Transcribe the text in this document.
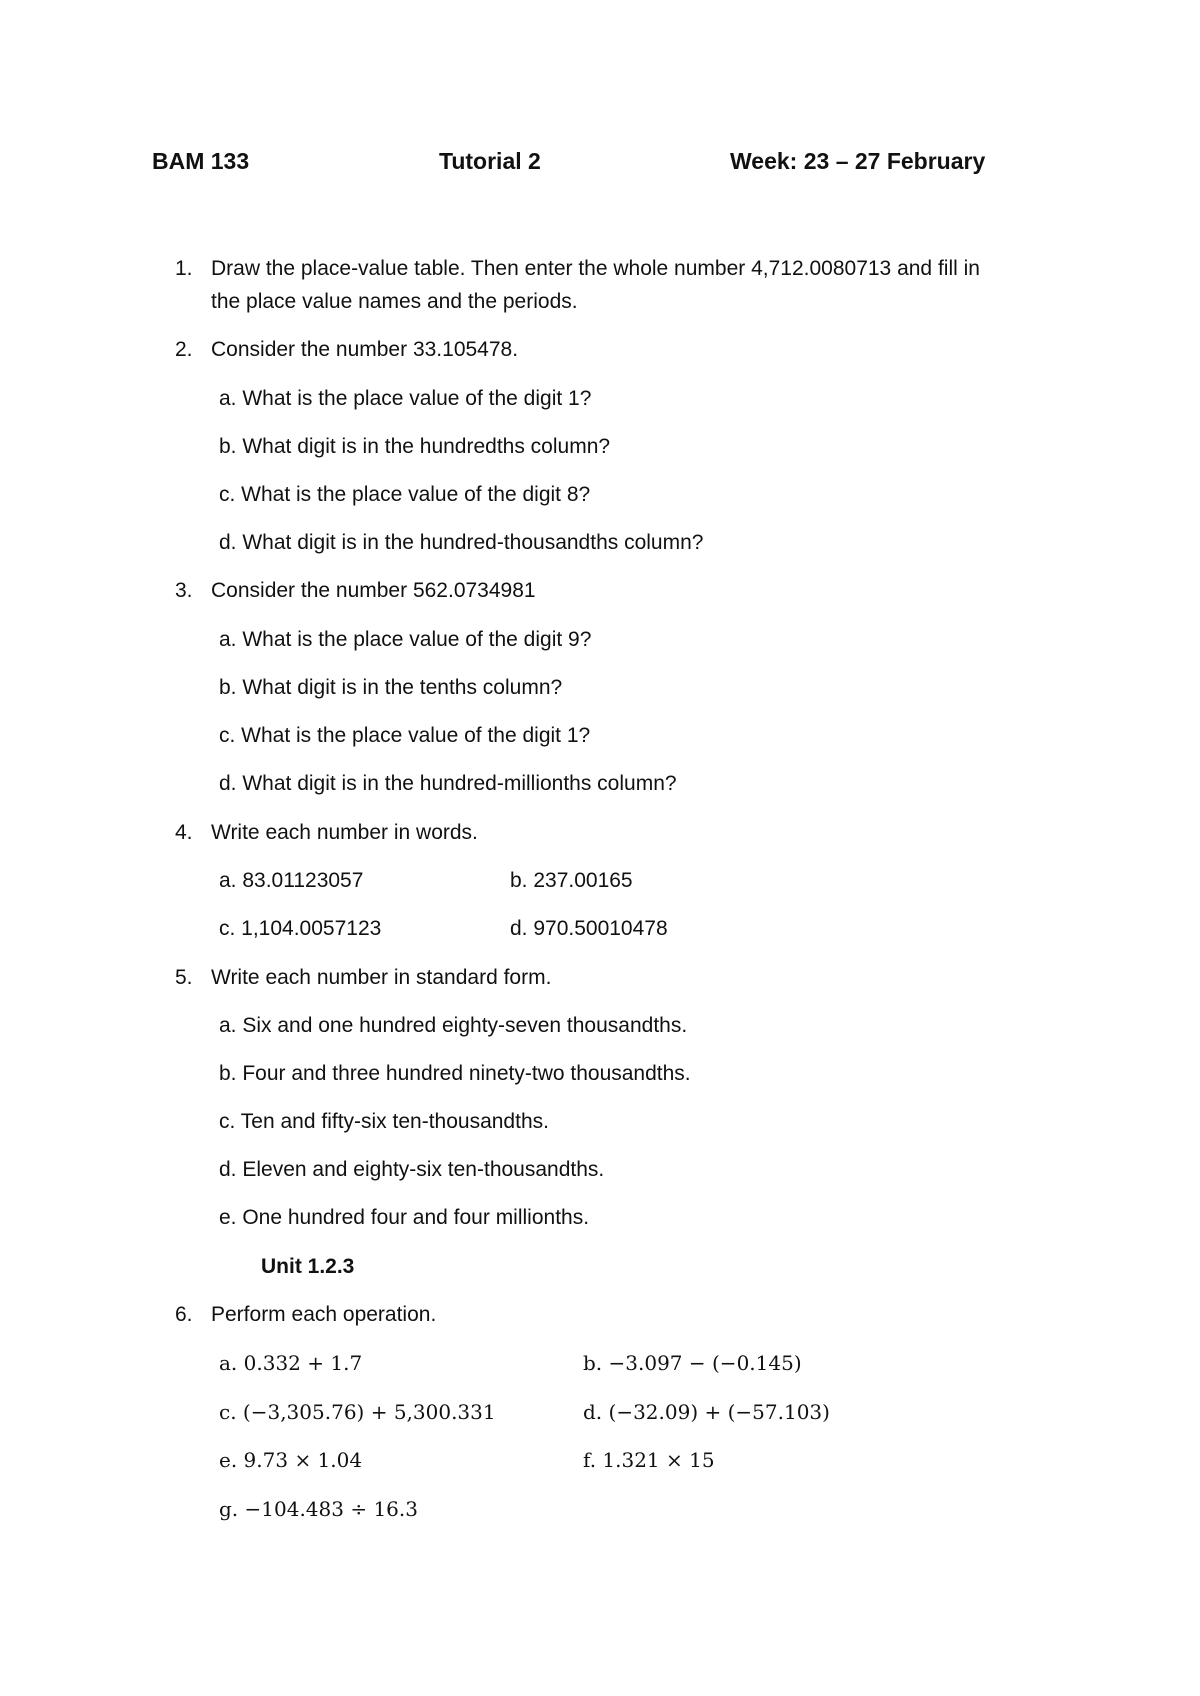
BAM 133	Tutorial 2	Week: 23 – 27 February
1. Draw the place-value table. Then enter the whole number 4,712.0080713 and fill in
the place value names and the periods.
2. Consider the number 33.105478.
a. What is the place value of the digit 1?
b. What digit is in the hundredths column?
c. What is the place value of the digit 8?
d. What digit is in the hundred-thousandths column?
3. Consider the number 562.0734981
a. What is the place value of the digit 9?
b. What digit is in the tenths column?
c. What is the place value of the digit 1?
d. What digit is in the hundred-millionths column?
4. Write each number in words.
a. 83.01123057	b. 237.00165
c. 1,104.0057123	d. 970.50010478
5. Write each number in standard form.
a. Six and one hundred eighty-seven thousandths.
b. Four and three hundred ninety-two thousandths.
c. Ten and fifty-six ten-thousandths.
d. Eleven and eighty-six ten-thousandths.
e. One hundred four and four millionths.
Unit 1.2.3
6. Perform each operation.
a. 0.332 + 1.7	b. −3.097 − (−0.145)
c. (−3,305.76) + 5,300.331	d. (−32.09) + (−57.103)
e. 9.73 × 1.04	f. 1.321 × 15
g. −104.483 ÷ 16.3
